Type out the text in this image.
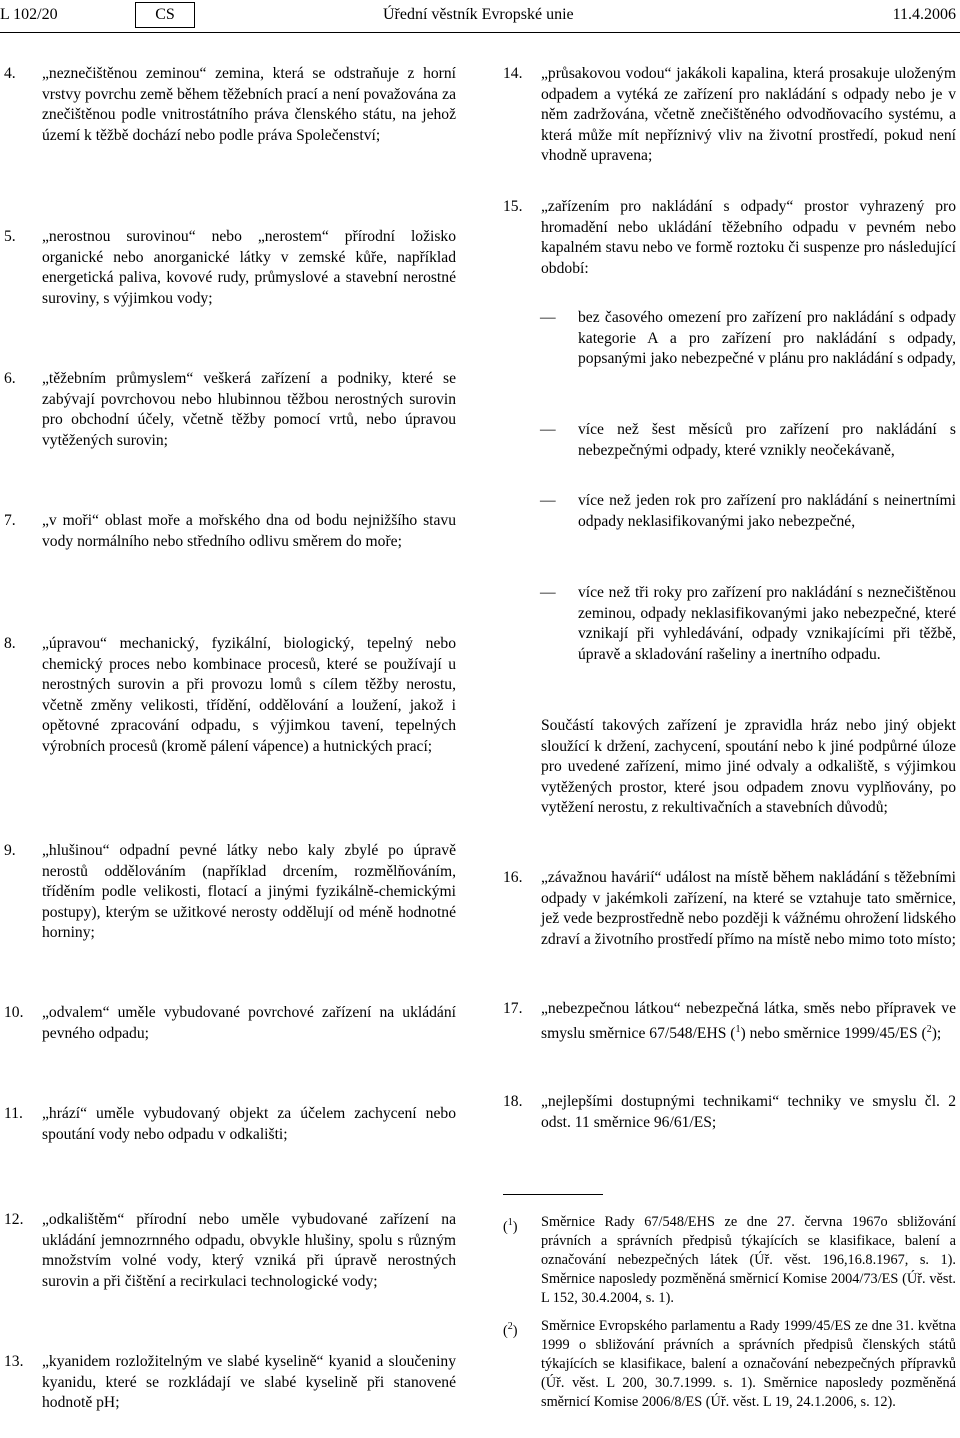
L 102/20	CS	Úřední věstník Evropské unie	11.4.2006
4. „neznečištěnou zeminou“ zemina, která se odstraňuje z horní vrstvy povrchu země během těžebních prací a není považována za znečištěnou podle vnitrostátního práva členského státu, na jehož území k těžbě dochází nebo podle práva Společenství;
5. „nerostnou surovinou“ nebo „nerostem“ přírodní ložisko organické nebo anorganické látky v zemské kůře, například energetická paliva, kovové rudy, průmyslové a stavební nerostné suroviny, s výjimkou vody;
6. „těžebním průmyslem“ veškerá zařízení a podniky, které se zabývají povrchovou nebo hlubinnou těžbou nerostných surovin pro obchodní účely, včetně těžby pomocí vrtů, nebo úpravou vytěžených surovin;
7. „v moři“ oblast moře a mořského dna od bodu nejnižšího stavu vody normálního nebo středního odlivu směrem do moře;
8. „úpravou“ mechanický, fyzikální, biologický, tepelný nebo chemický proces nebo kombinace procesů, které se používají u nerostných surovin a při provozu lomů s cílem těžby nerostu, včetně změny velikosti, třídění, oddělování a loužení, jakož i opětovné zpracování odpadu, s výjimkou tavení, tepelných výrobních procesů (kromě pálení vápence) a hutnických prací;
9. „hlušinou“ odpadní pevné látky nebo kaly zbylé po úpravě nerostů oddělováním (například drcením, rozmělňováním, tříděním podle velikosti, flotací a jinými fyzikálně-chemickými postupy), kterým se užitkové nerosty oddělují od méně hodnotné horniny;
10. „odvalem“ uměle vybudované povrchové zařízení na ukládání pevného odpadu;
11. „hrází“ uměle vybudovaný objekt za účelem zachycení nebo spoutání vody nebo odpadu v odkališti;
12. „odkalištěm“ přírodní nebo uměle vybudované zařízení na ukládání jemnozrnného odpadu, obvykle hlušiny, spolu s různým množstvím volné vody, který vzniká při úpravě nerostných surovin a při čištění a recirkulaci technologické vody;
13. „kyanidem rozložitelným ve slabé kyselině“ kyanid a sloučeniny kyanidu, které se rozkládají ve slabé kyselině při stanovené hodnotě pH;
14. „průsakovou vodou“ jakákoli kapalina, která prosakuje uloženým odpadem a vytéká ze zařízení pro nakládání s odpady nebo je v něm zadržována, včetně znečištěného odvodňovacího systému, a která může mít nepříznivý vliv na životní prostředí, pokud není vhodně upravena;
15. „zařízením pro nakládání s odpady“ prostor vyhrazený pro hromadění nebo ukládání těžebního odpadu v pevném nebo kapalném stavu nebo ve formě roztoku či suspenze pro následující období:
— bez časového omezení pro zařízení pro nakládání s odpady kategorie A a pro zařízení pro nakládání s odpady, popsanými jako nebezpečné v plánu pro nakládání s odpady,
— více než šest měsíců pro zařízení pro nakládání s nebezpečnými odpady, které vznikly neočekávaně,
— více než jeden rok pro zařízení pro nakládání s neinertními odpady neklasifikovanými jako nebezpečné,
— více než tři roky pro zařízení pro nakládání s neznečištěnou zeminou, odpady neklasifikovanými jako nebezpečné, které vznikají při vyhledávání, odpady vznikajícími při těžbě, úpravě a skladování rašeliny a inertního odpadu.
Součástí takových zařízení je zpravidla hráz nebo jiný objekt sloužící k držení, zachycení, spoutání nebo k jiné podpůrné úloze pro uvedené zařízení, mimo jiné odvaly a odkaliště, s výjimkou vytěžených prostor, které jsou odpadem znovu vyplňovány, po vytěžení nerostu, z rekultivačních a stavebních důvodů;
16. „závažnou havárií“ událost na místě během nakládání s těžebními odpady v jakémkoli zařízení, na které se vztahuje tato směrnice, jež vede bezprostředně nebo později k vážnému ohrožení lidského zdraví a životního prostředí přímo na místě nebo mimo toto místo;
17. „nebezpečnou látkou“ nebezpečná látka, směs nebo přípravek ve smyslu směrnice 67/548/EHS ($^1$) nebo směrnice 1999/45/ES ($^2$);
18. „nejlepšími dostupnými technikami“ techniky ve smyslu čl. 2 odst. 11 směrnice 96/61/ES;
($^1$) Směrnice Rady 67/548/EHS ze dne 27. června 1967o sbližování právních a správních předpisů týkajících se klasifikace, balení a označování nebezpečných látek (Úř. věst. 196,16.8.1967, s. 1). Směrnice naposledy pozměněná směrnicí Komise 2004/73/ES (Úř. věst. L 152, 30.4.2004, s. 1).
($^2$) Směrnice Evropského parlamentu a Rady 1999/45/ES ze dne 31. května 1999 o sbližování právních a správních předpisů členských států týkajících se klasifikace, balení a označování nebezpečných přípravků (Úř. věst. L 200, 30.7.1999. s. 1). Směrnice naposledy pozměněná směrnicí Komise 2006/8/ES (Úř. věst. L 19, 24.1.2006, s. 12).
